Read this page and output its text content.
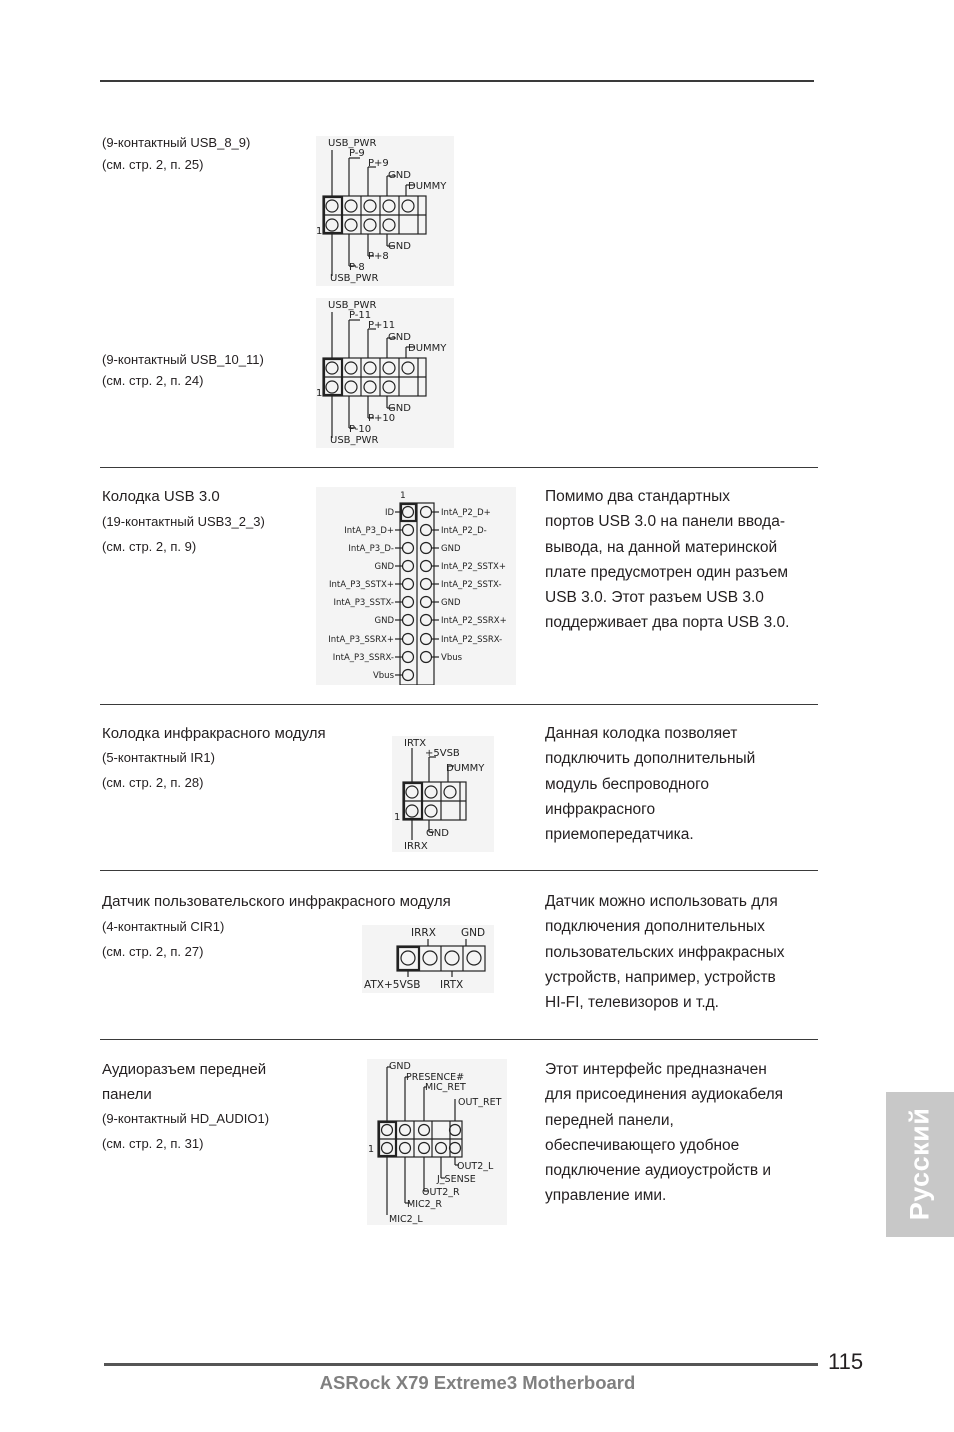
(9-контактный USB_8_9)
(см. стр. 2, п. 25)
USB_PWR
P-9
P+9
GND
DUMMY
1
GND
P+8
P-8
USB_PWR
(9-контактный USB_10_11)
(см. стр. 2, п. 24)
USB_PWR
P-11
P+11
GND
DUMMY
1
GND
P+10
P-10
USB_PWR
Колодка USB 3.0
(19-контактный USB3_2_3)
(см. стр. 2, п. 9)
1
ID
IntA_P3_D+
IntA_P3_D-
GND
IntA_P3_SSTX+
IntA_P3_SSTX-
GND
IntA_P3_SSRX+
IntA_P3_SSRX-
Vbus
IntA_P2_D+
IntA_P2_D-
GND
IntA_P2_SSTX+
IntA_P2_SSTX-
GND
IntA_P2_SSRX+
IntA_P2_SSRX-
Vbus
Помимо два стандартных
портов USB 3.0 на панели ввода-
вывода, на данной материнской
плате предусмотрен один разъем
USB 3.0. Этот разъем USB 3.0
поддерживает два порта USB 3.0.
Колодка инфракрасного модуля
(5-контактный IR1)
(см. стр. 2, п. 28)
IRTX
+5VSB
DUMMY
1
GND
IRRX
Данная колодка позволяет
подключить дополнительный
модуль беспроводного
инфракрасного
приемопередатчика.
Датчик пользовательского инфракрасного модуля
(4-контактный CIR1)
(см. стр. 2, п. 27)
IRRX GND
ATX+5VSB IRTX
Датчик можно использовать для
подключения дополнительных
пользовательских инфракрасных
устройств, например, устройств
HI-FI, телевизоров и т.д.
Аудиоразъем передней
панели
(9-контактный HD_AUDIO1)
(см. стр. 2, п. 31)
GND
PRESENCE#
MIC_RET
OUT_RET
1
OUT2_L
J_SENSE
OUT2_R
MIC2_R
MIC2_L
Этот интерфейс предназначен
для присоединения аудиокабеля
передней панели,
обеспечивающего удобное
подключение аудиоустройств и
управление ими.	Русский
115
ASRock X79 Extreme3 Motherboard
